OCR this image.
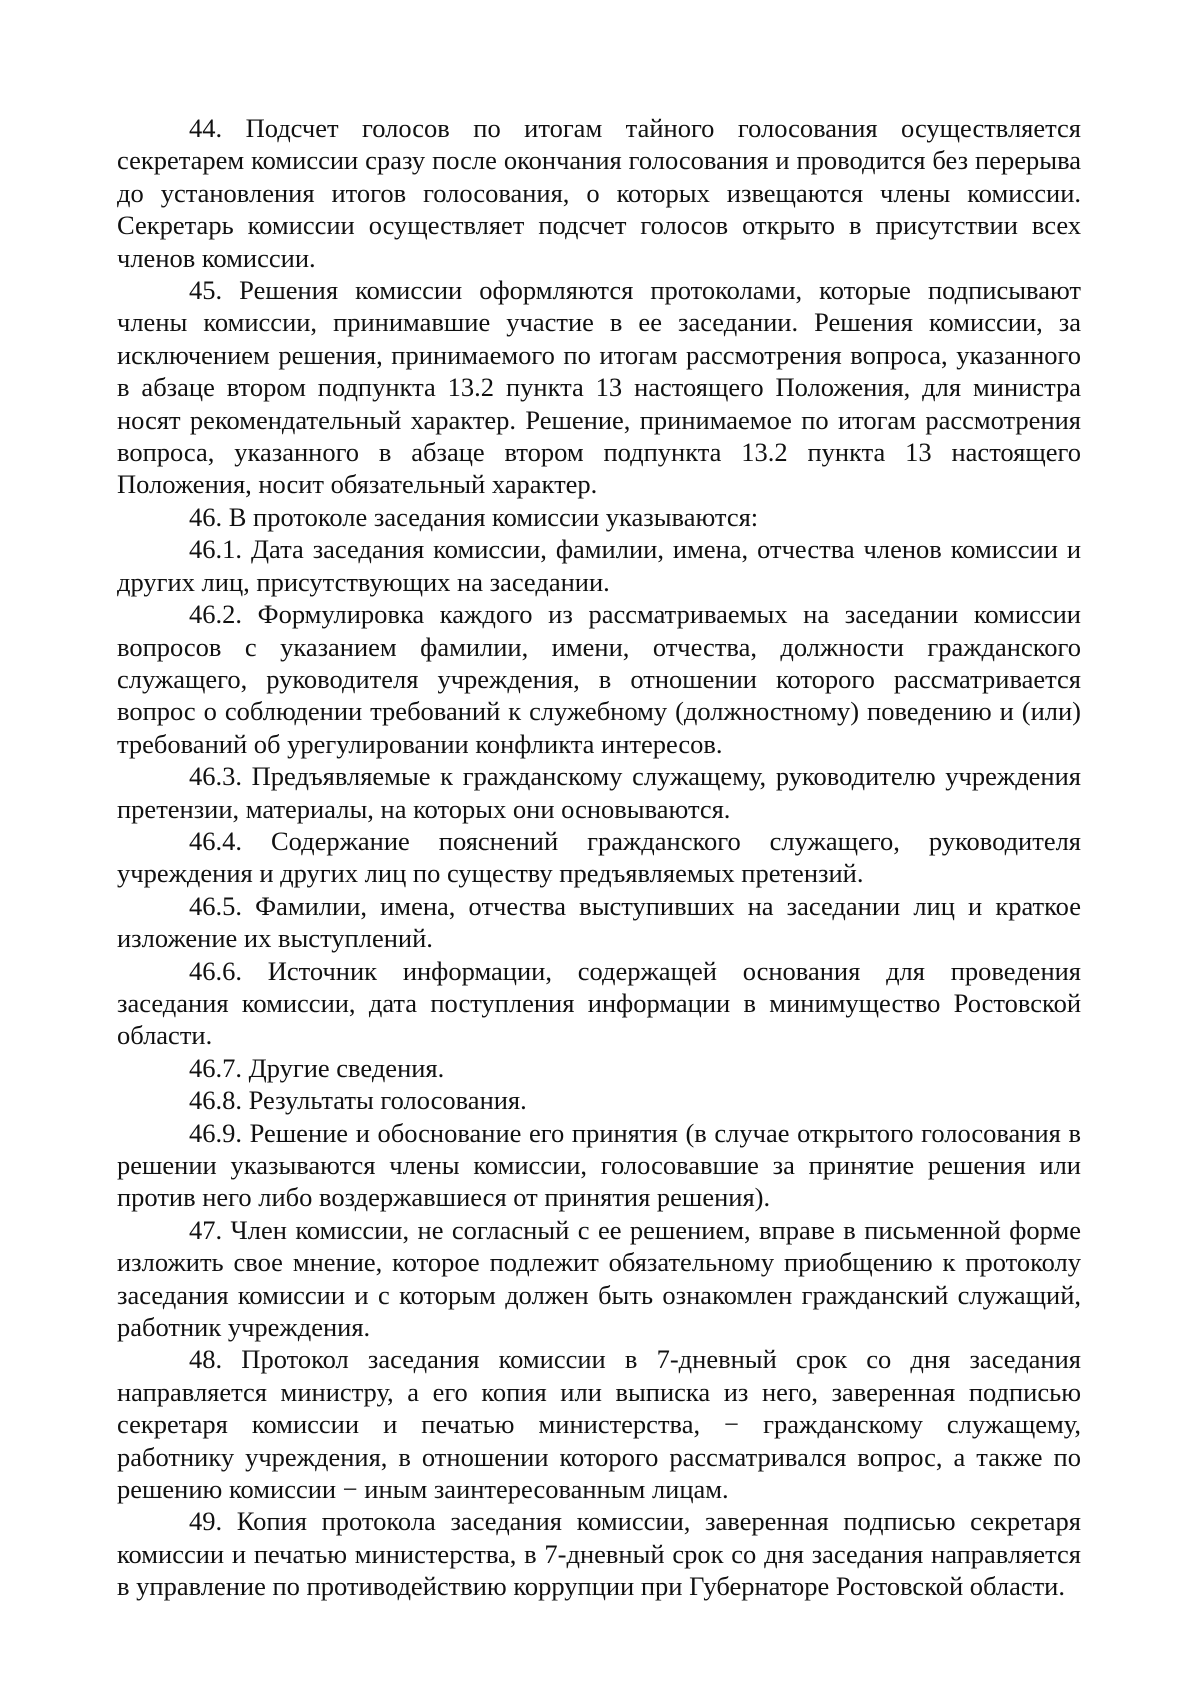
44. Подсчет голосов по итогам тайного голосования осуществляется секретарем комиссии сразу после окончания голосования и проводится без перерыва до установления итогов голосования, о которых извещаются члены комиссии. Секретарь комиссии осуществляет подсчет голосов открыто в присутствии всех членов комиссии.

45. Решения комиссии оформляются протоколами, которые подписывают члены комиссии, принимавшие участие в ее заседании. Решения комиссии, за исключением решения, принимаемого по итогам рассмотрения вопроса, указанного в абзаце втором подпункта 13.2 пункта 13 настоящего Положения, для министра носят рекомендательный характер. Решение, принимаемое по итогам рассмотрения вопроса, указанного в абзаце втором подпункта 13.2 пункта 13 настоящего Положения, носит обязательный характер.

46. В протоколе заседания комиссии указываются:

46.1. Дата заседания комиссии, фамилии, имена, отчества членов комиссии и других лиц, присутствующих на заседании.

46.2. Формулировка каждого из рассматриваемых на заседании комиссии вопросов с указанием фамилии, имени, отчества, должности гражданского служащего, руководителя учреждения, в отношении которого рассматривается вопрос о соблюдении требований к служебному (должностному) поведению и (или) требований об урегулировании конфликта интересов.

46.3. Предъявляемые к гражданскому служащему, руководителю учреждения претензии, материалы, на которых они основываются.

46.4. Содержание пояснений гражданского служащего, руководителя учреждения и других лиц по существу предъявляемых претензий.

46.5. Фамилии, имена, отчества выступивших на заседании лиц и краткое изложение их выступлений.

46.6. Источник информации, содержащей основания для проведения заседания комиссии, дата поступления информации в минимущество Ростовской области.

46.7. Другие сведения.

46.8. Результаты голосования.

46.9. Решение и обоснование его принятия (в случае открытого голосования в решении указываются члены комиссии, голосовавшие за принятие решения или против него либо воздержавшиеся от принятия решения).

47. Член комиссии, не согласный с ее решением, вправе в письменной форме изложить свое мнение, которое подлежит обязательному приобщению к протоколу заседания комиссии и с которым должен быть ознакомлен гражданский служащий, работник учреждения.

48. Протокол заседания комиссии в 7-дневный срок со дня заседания направляется министру, а его копия или выписка из него, заверенная подписью секретаря комиссии и печатью министерства, − гражданскому служащему, работнику учреждения, в отношении которого рассматривался вопрос, а также по решению комиссии − иным заинтересованным лицам.

49. Копия протокола заседания комиссии, заверенная подписью секретаря комиссии и печатью министерства, в 7-дневный срок со дня заседания направляется в управление по противодействию коррупции при Губернаторе Ростовской области.
